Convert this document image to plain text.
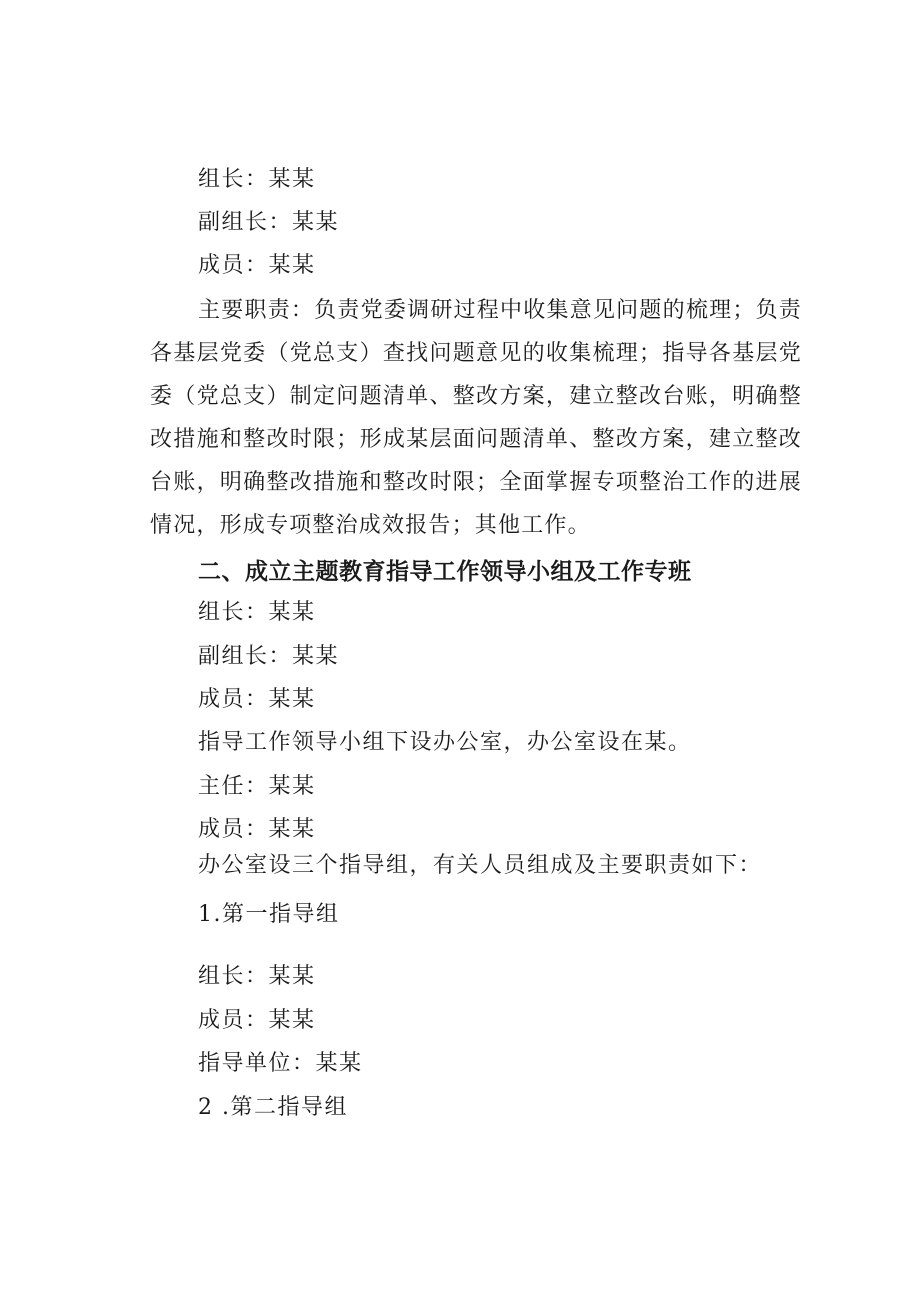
组长：某某
副组长：某某
成员：某某

主要职责：负责党委调研过程中收集意见问题的梳理；负责各基层党委（党总支）查找问题意见的收集梳理；指导各基层党委（党总支）制定问题清单、整改方案，建立整改台账，明确整改措施和整改时限；形成某层面问题清单、整改方案，建立整改台账，明确整改措施和整改时限；全面掌握专项整治工作的进展情况，形成专项整治成效报告；其他工作。

二、成立主题教育指导工作领导小组及工作专班
组长：某某
副组长：某某
成员：某某
指导工作领导小组下设办公室，办公室设在某。
主任：某某
成员：某某
办公室设三个指导组，有关人员组成及主要职责如下：
1.第一指导组
组长：某某
成员：某某
指导单位：某某
2 .第二指导组
